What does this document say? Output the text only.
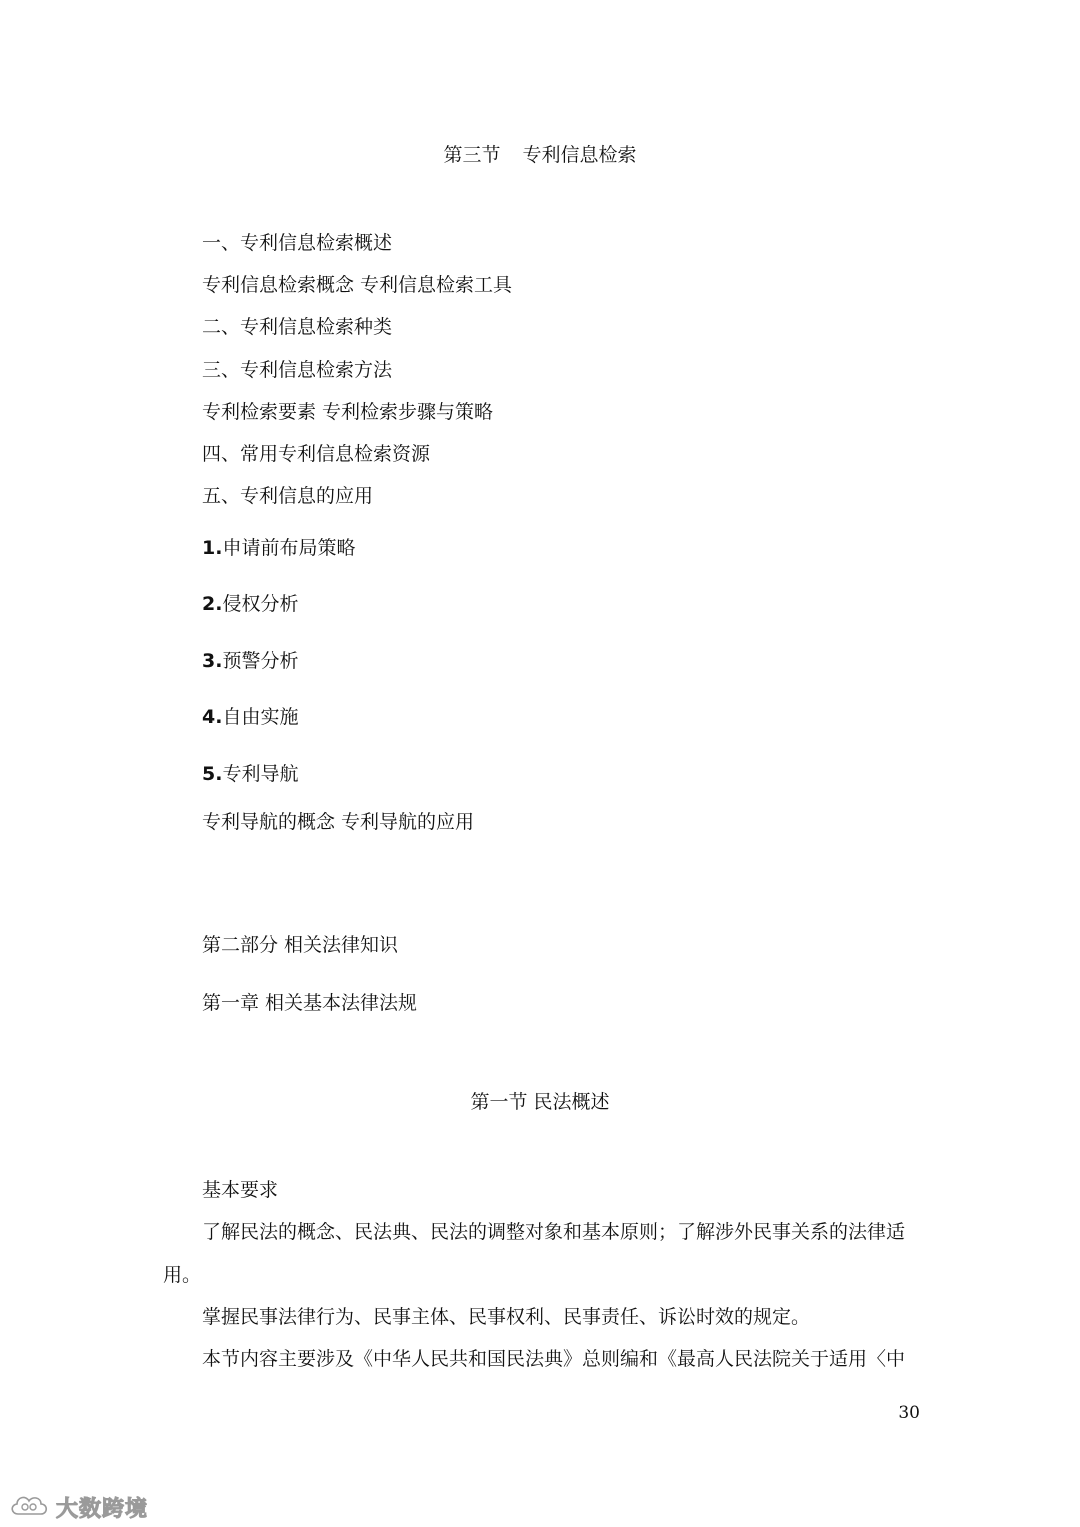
第三节 专利信息检索
一、专利信息检索概述
专利信息检索概念 专利信息检索工具
二、专利信息检索种类
三、专利信息检索方法
专利检索要素 专利检索步骤与策略
四、常用专利信息检索资源
五、专利信息的应用
1.申请前布局策略
2.侵权分析
3.预警分析
4.自由实施
5.专利导航
专利导航的概念 专利导航的应用
第二部分 相关法律知识
第一章 相关基本法律法规
第一节 民法概述
基本要求
了解民法的概念、民法典、民法的调整对象和基本原则；了解涉外民事关系的法律适
用。
掌握民事法律行为、民事主体、民事权利、民事责任、诉讼时效的规定。
本节内容主要涉及《中华人民共和国民法典》总则编和《最高人民法院关于适用〈中
30
大数跨境
